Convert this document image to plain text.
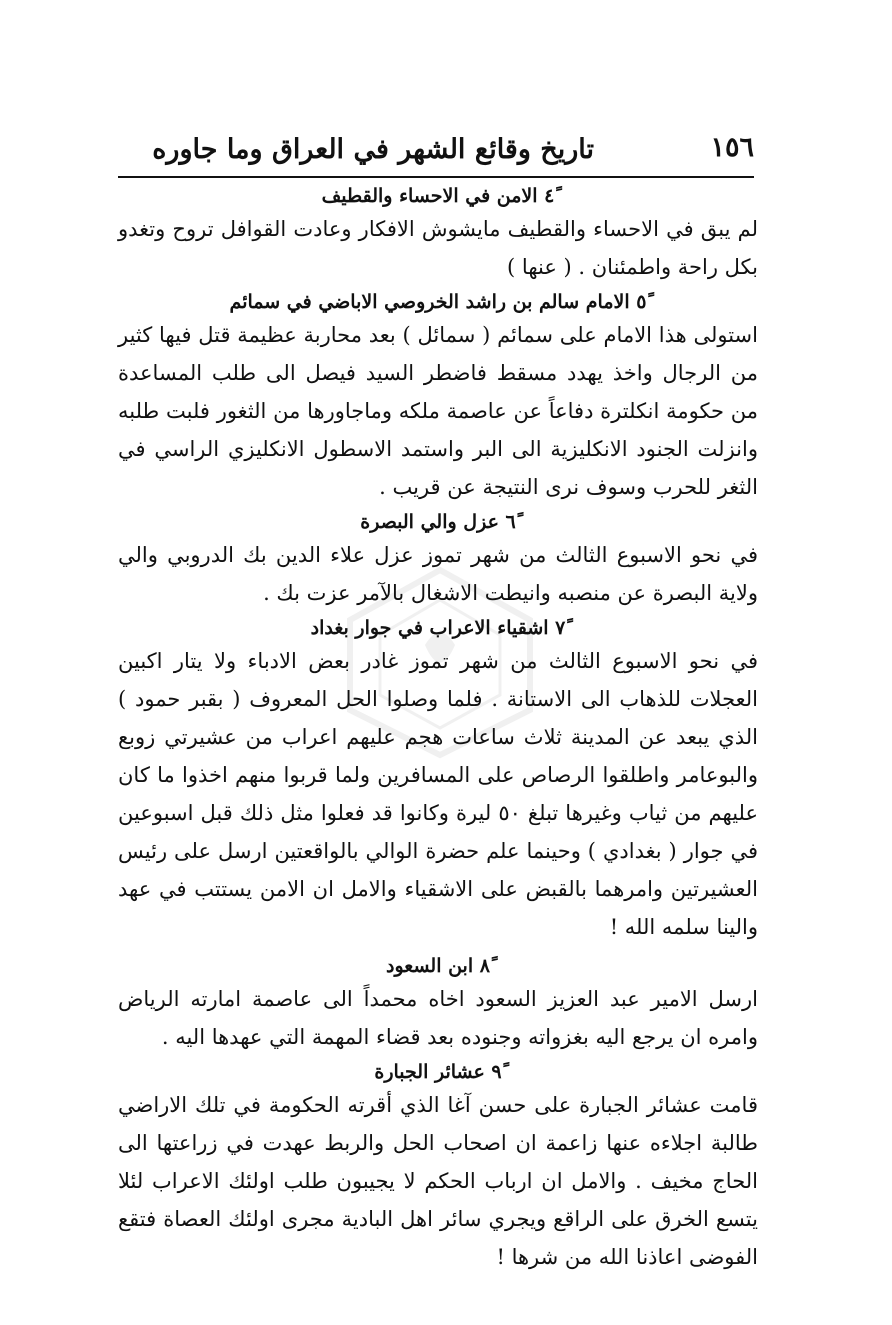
١٥٦
تاريخ وقائع الشهر في العراق وما جاوره
٤ً الامن في الاحساء والقطيف

لم يبق في الاحساء والقطيف مايشوش الافكار وعادت القوافل تروح وتغدو بكل راحة واطمئنان . ( عنها )

٥ً الامام سالم بن راشد الخروصي الاباضي في سمائم

استولى هذا الامام على سمائم ( سمائل ) بعد محاربة عظيمة قتل فيها كثير من الرجال واخذ يهدد مسقط فاضطر السيد فيصل الى طلب المساعدة من حكومة انكلترة دفاعاً عن عاصمة ملكه وماجاورها من الثغور فلبت طلبه وانزلت الجنود الانكليزية الى البر واستمد الاسطول الانكليزي الراسي في الثغر للحرب وسوف نرى النتيجة عن قريب .

٦ً عزل والي البصرة

في نحو الاسبوع الثالث من شهر تموز عزل علاء الدين بك الدروبي والي ولاية البصرة عن منصبه وانيطت الاشغال بالآمر عزت بك .

٧ً اشقياء الاعراب في جوار بغداد

في نحو الاسبوع الثالث من شهر تموز غادر بعض الادباء ولا يتار اكبين العجلات للذهاب الى الاستانة . فلما وصلوا الحل المعروف ( بقبر حمود ) الذي يبعد عن المدينة ثلاث ساعات هجم عليهم اعراب من عشيرتي زوبع والبوعامر واطلقوا الرصاص على المسافرين ولما قربوا منهم اخذوا ما كان عليهم من ثياب وغيرها تبلغ ٥٠ ليرة وكانوا قد فعلوا مثل ذلك قبل اسبوعين في جوار ( بغدادي ) وحينما علم حضرة الوالي بالواقعتين ارسل على رئيس العشيرتين وامرهما بالقبض على الاشقياء والامل ان الامن يستتب في عهد والينا سلمه الله !

٨ً ابن السعود

ارسل الامير عبد العزيز السعود اخاه محمداً الى عاصمة امارته الرياض وامره ان يرجع اليه بغزواته وجنوده بعد قضاء المهمة التي عهدها اليه .

٩ً عشائر الجبارة

قامت عشائر الجبارة على حسن آغا الذي أقرته الحكومة في تلك الاراضي طالبة اجلاءه عنها زاعمة ان اصحاب الحل والربط عهدت في زراعتها الى الحاج مخيف . والامل ان ارباب الحكم لا يجيبون طلب اولئك الاعراب لئلا يتسع الخرق على الراقع ويجري سائر اهل البادية مجرى اولئك العصاة فتقع الفوضى اعاذنا الله من شرها !
